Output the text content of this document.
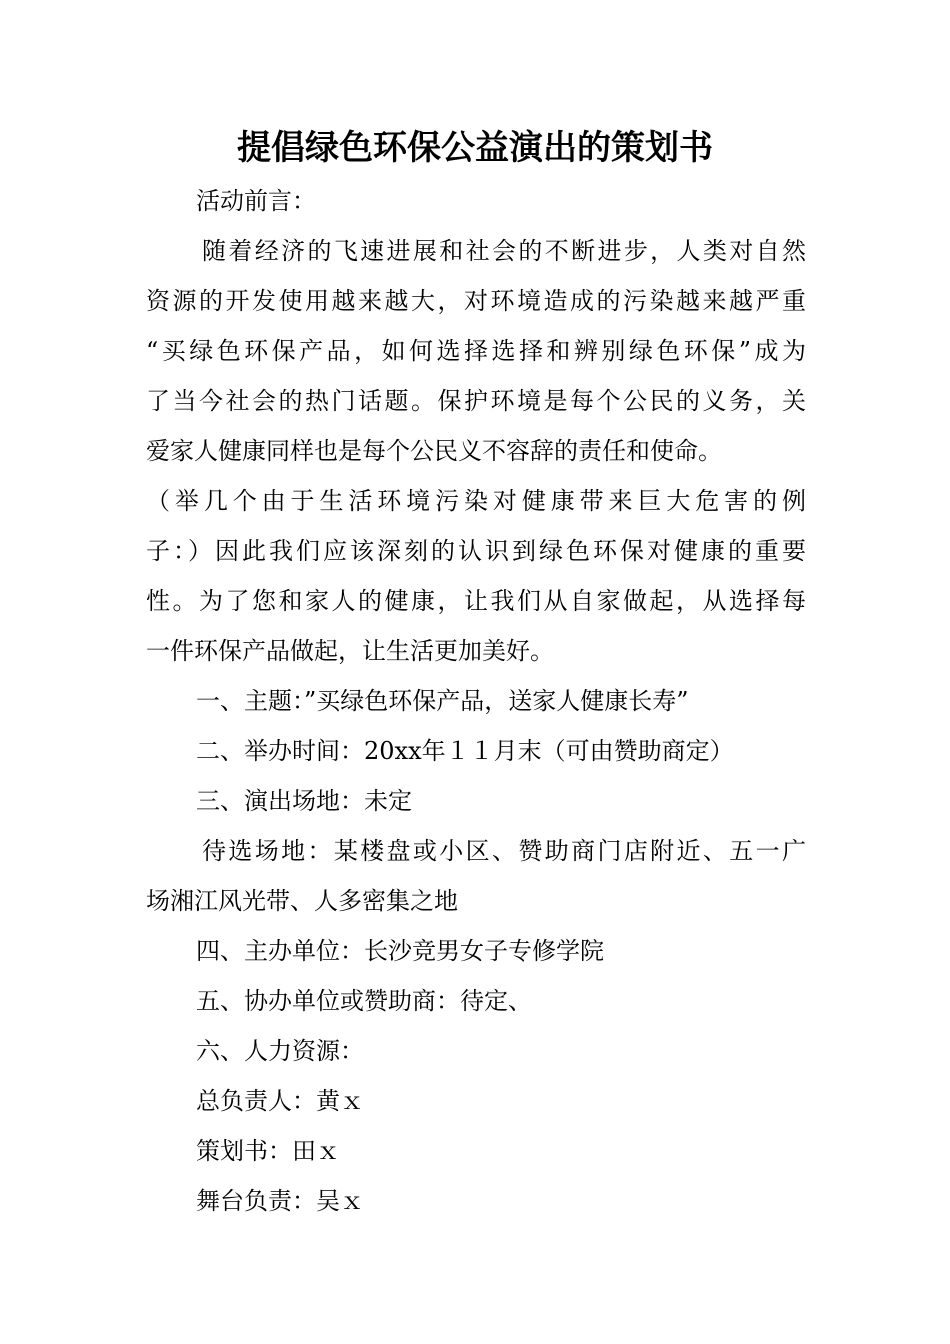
提倡绿色环保公益演出的策划书
活动前言：
随着经济的飞速进展和社会的不断进步，人类对自然
资源的开发使用越来越大，对环境造成的污染越来越严重
“买绿色环保产品，如何选择选择和辨别绿色环保”成为
了当今社会的热门话题。保护环境是每个公民的义务，关
爱家人健康同样也是每个公民义不容辞的责任和使命。
（举几个由于生活环境污染对健康带来巨大危害的例
子：）因此我们应该深刻的认识到绿色环保对健康的重要
性。为了您和家人的健康，让我们从自家做起，从选择每
一件环保产品做起，让生活更加美好。
一、主题：”买绿色环保产品，送家人健康长寿”
二、举办时间：20xx年１１月末（可由赞助商定）
三、演出场地：未定
待选场地：某楼盘或小区、赞助商门店附近、五一广
场湘江风光带、人多密集之地
四、主办单位：长沙竞男女子专修学院
五、协办单位或赞助商：待定、
六、人力资源：
总负责人：黄ｘ
策划书：田ｘ
舞台负责：吴ｘ
